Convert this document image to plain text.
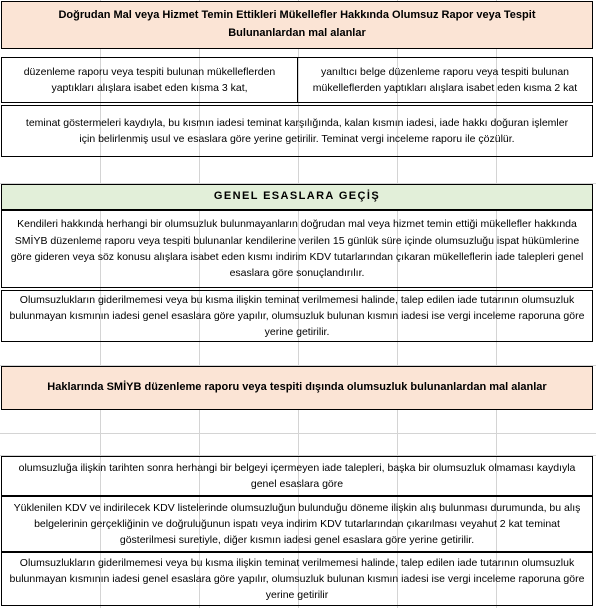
Doğrudan Mal veya Hizmet Temin Ettikleri Mükellefler Hakkında Olumsuz Rapor veya Tespit Bulunanlardan mal alanlar
düzenleme raporu veya tespiti bulunan mükelleflerden yaptıkları alışlara isabet eden kısma 3 kat,
yanıltıcı belge düzenleme raporu veya tespiti bulunan mükelleflerden yaptıkları alışlara isabet eden kısma 2 kat
teminat göstermeleri kaydıyla, bu kısmın iadesi teminat karşılığında, kalan kısmın iadesi, iade hakkı doğuran işlemler için belirlenmiş usul ve esaslara göre yerine getirilir. Teminat vergi inceleme raporu ile çözülür.
GENEL ESASLARA GEÇİŞ
Kendileri hakkında herhangi bir olumsuzluk bulunmayanların doğrudan mal veya hizmet temin ettiği mükellefler hakkında SMİYB düzenleme raporu veya tespiti bulunanlar kendilerine verilen 15 günlük süre içinde olumsuzluğu ispat hükümlerine göre gideren veya söz konusu alışlara isabet eden kısmı indirim KDV tutarlarından çıkaran mükelleflerin iade talepleri genel esaslara göre sonuçlandırılır.
Olumsuzlukların giderilmemesi veya bu kısma ilişkin teminat verilmemesi halinde, talep edilen iade tutarının olumsuzluk bulunmayan kısmının iadesi genel esaslara göre yapılır, olumsuzluk bulunan kısmın iadesi ise vergi inceleme raporuna göre yerine getirilir.
Haklarında SMİYB düzenleme raporu veya tespiti dışında olumsuzluk bulunanlardan mal alanlar
olumsuzluğa ilişkin tarihten sonra herhangi bir belgeyi içermeyen iade talepleri, başka bir olumsuzluk olmaması kaydıyla genel esaslara göre
Yüklenilen KDV ve indirilecek KDV listelerinde olumsuzluğun bulunduğu döneme ilişkin alış bulunması durumunda, bu alış belgelerinin gerçekliğinin ve doğruluğunun ispatı veya indirim KDV tutarlarından çıkarılması veyahut 2 kat teminat gösterilmesi suretiyle, diğer kısmın iadesi genel esaslara göre yerine getirilir.
Olumsuzlukların giderilmemesi veya bu kısma ilişkin teminat verilmemesi halinde, talep edilen iade tutarının olumsuzluk bulunmayan kısmının iadesi genel esaslara göre yapılır, olumsuzluk bulunan kısmın iadesi ise vergi inceleme raporuna göre yerine getirilir
